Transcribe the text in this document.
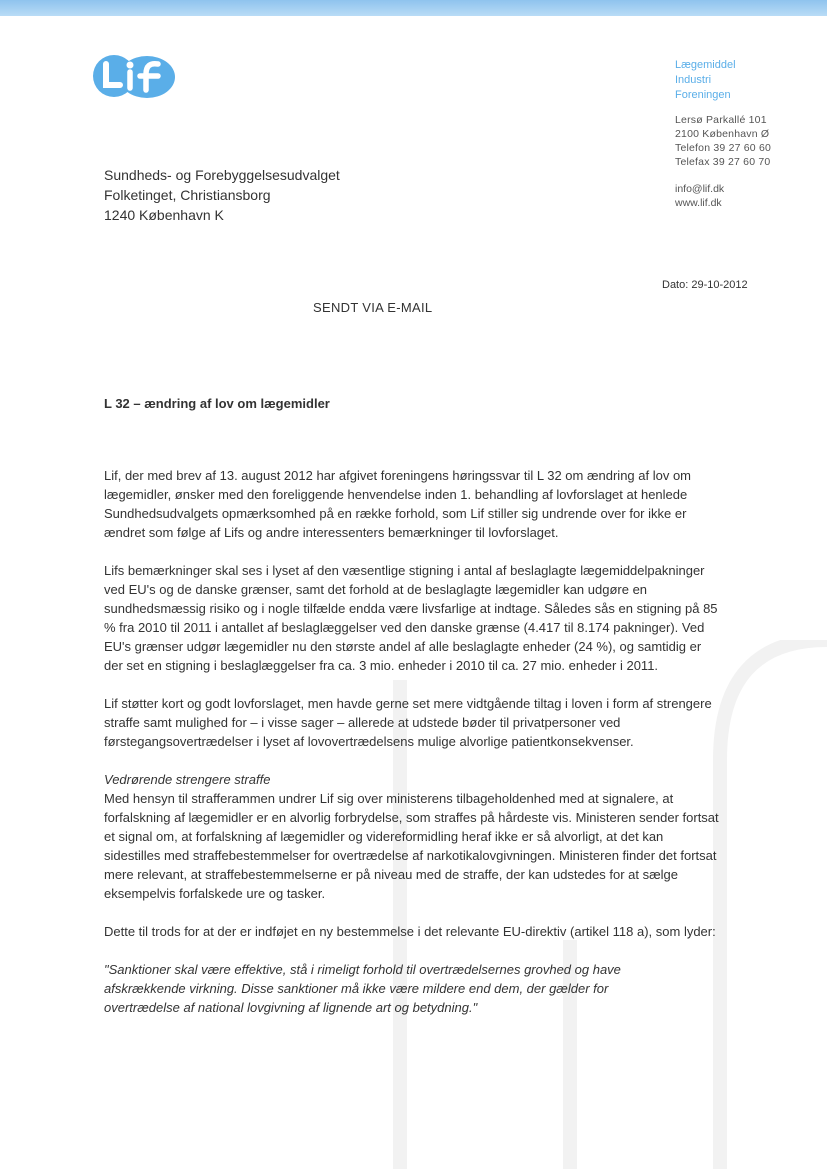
Lægemiddel
Industri
Foreningen
Lersø Parkallé 101
2100 København Ø
Telefon 39 27 60 60
Telefax 39 27 60 70
info@lif.dk
www.lif.dk
Sundheds- og Forebyggelsesudvalget
Folketinget, Christiansborg
1240 København K
Dato: 29-10-2012
SENDT VIA E-MAIL
L 32 – ændring af lov om lægemidler

Lif, der med brev af 13. august 2012 har afgivet foreningens høringssvar til L 32 om ændring af lov om lægemidler, ønsker med den foreliggende henvendelse inden 1. behandling af lovforslaget at henlede Sundhedsudvalgets opmærksomhed på en række forhold, som Lif stiller sig undrende over for ikke er ændret som følge af Lifs og andre interessenters bemærkninger til lovforslaget.

Lifs bemærkninger skal ses i lyset af den væsentlige stigning i antal af beslaglagte lægemiddelpakninger ved EU's og de danske grænser, samt det forhold at de beslaglagte lægemidler kan udgøre en sundhedsmæssig risiko og i nogle tilfælde endda være livsfarlige at indtage. Således sås en stigning på 85 % fra 2010 til 2011 i antallet af beslaglæggelser ved den danske grænse (4.417 til 8.174 pakninger). Ved EU's grænser udgør lægemidler nu den største andel af alle beslaglagte enheder (24 %), og samtidig er der set en stigning i beslaglæggelser fra ca. 3 mio. enheder i 2010 til ca. 27 mio. enheder i 2011.

Lif støtter kort og godt lovforslaget, men havde gerne set mere vidtgående tiltag i loven i form af strengere straffe samt mulighed for – i visse sager – allerede at udstede bøder til privatpersoner ved førstegangsovertrædelser i lyset af lovovertrædelsens mulige alvorlige patientkonsekvenser.

Vedrørende strengere straffe

Med hensyn til strafferammen undrer Lif sig over ministerens tilbageholdenhed med at signalere, at forfalskning af lægemidler er en alvorlig forbrydelse, som straffes på hårdeste vis. Ministeren sender fortsat et signal om, at forfalskning af lægemidler og videreformidling heraf ikke er så alvorligt, at det kan sidestilles med straffebestemmelser for overtrædelse af narkotikalovgivningen. Ministeren finder det fortsat mere relevant, at straffebestemmelserne er på niveau med de straffe, der kan udstedes for at sælge eksempelvis forfalskede ure og tasker.

Dette til trods for at der er indføjet en ny bestemmelse i det relevante EU-direktiv (artikel 118 a), som lyder:

"Sanktioner skal være effektive, stå i rimeligt forhold til overtrædelsernes grovhed og have afskrækkende virkning. Disse sanktioner må ikke være mildere end dem, der gælder for overtrædelse af national lovgivning af lignende art og betydning."
